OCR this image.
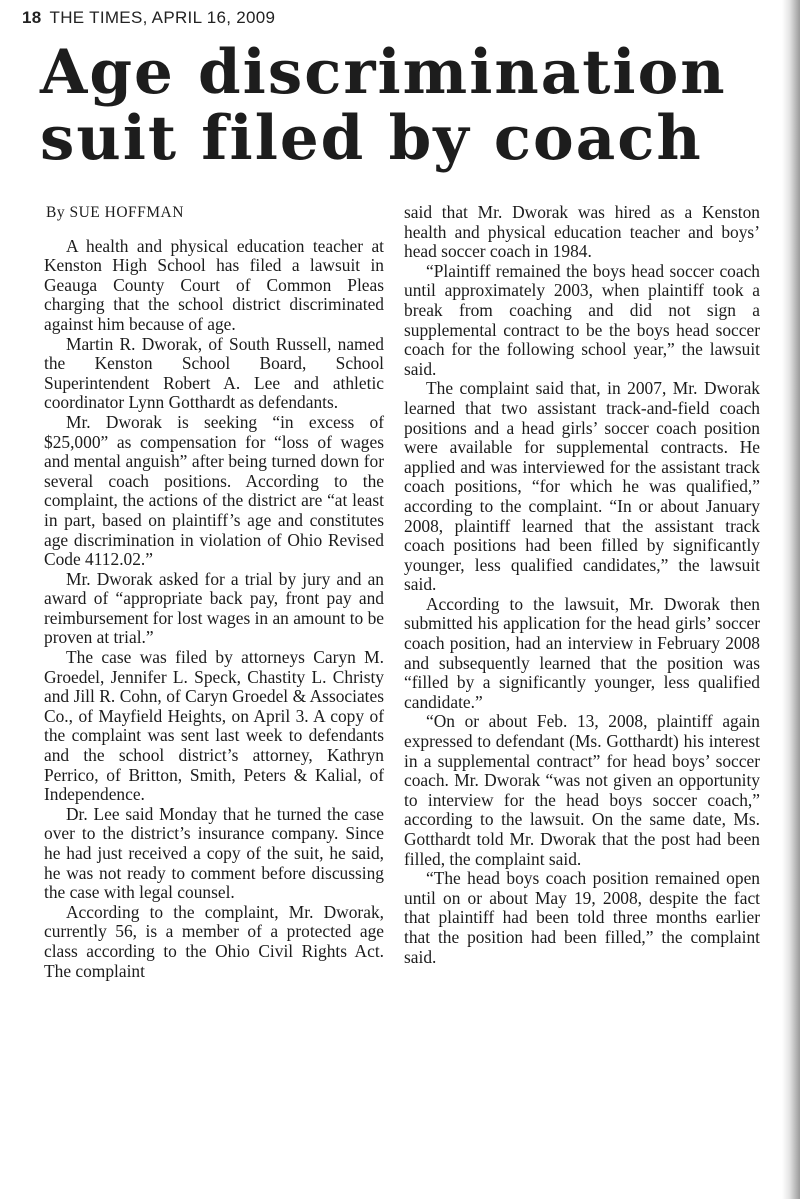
18 THE TIMES, APRIL 16, 2009
Age discrimination
suit filed by coach
By SUE HOFFMAN

A health and physical education teacher at Kenston High School has filed a lawsuit in Geauga County Court of Common Pleas charging that the school district discriminated against him because of age.

Martin R. Dworak, of South Russell, named the Kenston School Board, School Superintendent Robert A. Lee and athletic coordinator Lynn Gotthardt as defendants.

Mr. Dworak is seeking “in excess of $25,000” as compensation for “loss of wages and mental anguish” after being turned down for several coach positions. According to the complaint, the actions of the district are “at least in part, based on plaintiff’s age and constitutes age discrimination in violation of Ohio Revised Code 4112.02.”

Mr. Dworak asked for a trial by jury and an award of “appropriate back pay, front pay and reimbursement for lost wages in an amount to be proven at trial.”

The case was filed by attorneys Caryn M. Groedel, Jennifer L. Speck, Chastity L. Christy and Jill R. Cohn, of Caryn Groedel & Associates Co., of Mayfield Heights, on April 3. A copy of the complaint was sent last week to defendants and the school district’s attorney, Kathryn Perrico, of Britton, Smith, Peters & Kalial, of Independence.

Dr. Lee said Monday that he turned the case over to the district’s insurance company. Since he had just received a copy of the suit, he said, he was not ready to comment before discussing the case with legal counsel.

According to the complaint, Mr. Dworak, currently 56, is a member of a protected age class according to the Ohio Civil Rights Act. The complaint

said that Mr. Dworak was hired as a Kenston health and physical education teacher and boys’ head soccer coach in 1984.

“Plaintiff remained the boys head soccer coach until approximately 2003, when plaintiff took a break from coaching and did not sign a supplemental contract to be the boys head soccer coach for the following school year,” the lawsuit said.

The complaint said that, in 2007, Mr. Dworak learned that two assistant track-and-field coach positions and a head girls’ soccer coach position were available for supplemental contracts. He applied and was interviewed for the assistant track coach positions, “for which he was qualified,” according to the complaint. “In or about January 2008, plaintiff learned that the assistant track coach positions had been filled by significantly younger, less qualified candidates,” the lawsuit said.

According to the lawsuit, Mr. Dworak then submitted his application for the head girls’ soccer coach position, had an interview in February 2008 and subsequently learned that the position was “filled by a significantly younger, less qualified candidate.”

“On or about Feb. 13, 2008, plaintiff again expressed to defendant (Ms. Gotthardt) his interest in a supplemental contract” for head boys’ soccer coach. Mr. Dworak “was not given an opportunity to interview for the head boys soccer coach,” according to the lawsuit. On the same date, Ms. Gotthardt told Mr. Dworak that the post had been filled, the complaint said.

“The head boys coach position remained open until on or about May 19, 2008, despite the fact that plaintiff had been told three months earlier that the position had been filled,” the complaint said.
